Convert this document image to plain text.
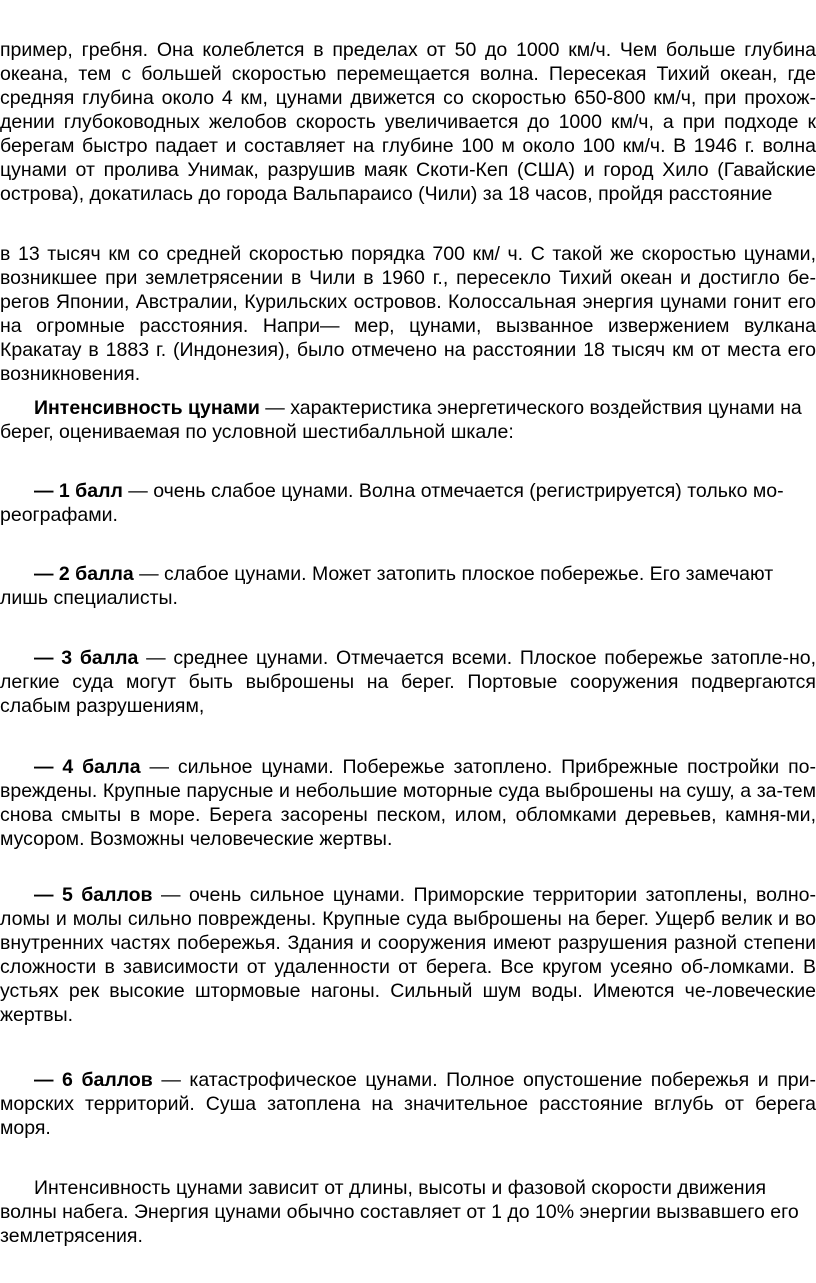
пример, гребня. Она колеблется в пределах от 50 до 1000 км/ч. Чем больше глубина океана, тем с большей скоростью перемещается волна. Пересекая Тихий океан, где средняя глубина около 4 км, цунами движется со скоростью 650-800 км/ч, при прохож-дении глубоководных желобов скорость увеличивается до 1000 км/ч, а при подходе к берегам быстро падает и составляет на глубине 100 м около 100 км/ч. В 1946 г. волна цунами от пролива Унимак, разрушив маяк Скоти-Кеп (США) и город Хило (Гавайские острова), докатилась до города Вальпараисо (Чили) за 18 часов, пройдя расстояние

в 13 тысяч км со средней скоростью порядка 700 км/ ч. С такой же скоростью цунами, возникшее при землетрясении в Чили в 1960 г., пересекло Тихий океан и достигло бе-регов Японии, Австралии, Курильских островов. Колоссальная энергия цунами гонит его на огромные расстояния. Напри— мер, цунами, вызванное извержением вулкана Кракатау в 1883 г. (Индонезия), было отмечено на расстоянии 18 тысяч км от места его возникновения.

Интенсивность цунами — характеристика энергетического воздействия цунами на берег, оцениваемая по условной шестибалльной шкале:

— 1 балл — очень слабое цунами. Волна отмечается (регистрируется) только мо-реографами.

— 2 балла — слабое цунами. Может затопить плоское побережье. Его замечают лишь специалисты.

— 3 балла — среднее цунами. Отмечается всеми. Плоское побережье затопле-но, легкие суда могут быть выброшены на берег. Портовые сооружения подвергаются слабым разрушениям,

— 4 балла — сильное цунами. Побережье затоплено. Прибрежные постройки по-вреждены. Крупные парусные и небольшие моторные суда выброшены на сушу, а за-тем снова смыты в море. Берега засорены песком, илом, обломками деревьев, камня-ми, мусором. Возможны человеческие жертвы.

— 5 баллов — очень сильное цунами. Приморские территории затоплены, волно-ломы и молы сильно повреждены. Крупные суда выброшены на берег. Ущерб велик и во внутренних частях побережья. Здания и сооружения имеют разрушения разной степени сложности в зависимости от удаленности от берега. Все кругом усеяно об-ломками. В устьях рек высокие штормовые нагоны. Сильный шум воды. Имеются че-ловеческие жертвы.

— 6 баллов — катастрофическое цунами. Полное опустошение побережья и при-морских территорий. Суша затоплена на значительное расстояние вглубь от берега моря.

Интенсивность цунами зависит от длины, высоты и фазовой скорости движения волны набега. Энергия цунами обычно составляет от 1 до 10% энергии вызвавшего его землетрясения.
